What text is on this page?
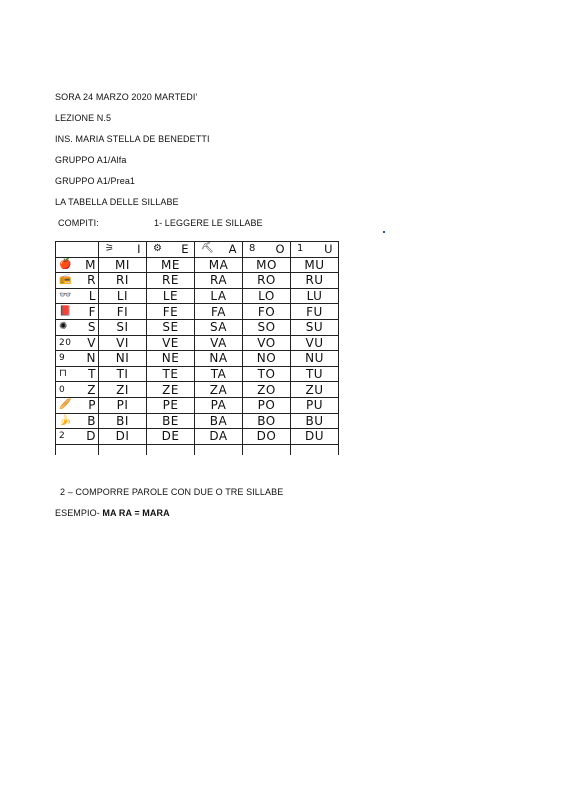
SORA 24 MARZO 2020 MARTEDI’
LEZIONE N.5
INS. MARIA STELLA DE BENEDETTI
GRUPPO A1/Alfa
GRUPPO A1/Prea1
LA TABELLA DELLE SILLABE
COMPITI:	1- LEGGERE LE SILLABE

	⚞ I	⚙ E	⛏ A	8 O	1 U

🍎 M	MI	ME	MA	MO	MU

📻 R	RI	RE	RA	RO	RU

👓 L	LI	LE	LA	LO	LU

📕 F	FI	FE	FA	FO	FU

✺ S	SI	SE	SA	SO	SU

20 V	VI	VE	VA	VO	VU

9 N	NI	NE	NA	NO	NU

⊓ T	TI	TE	TA	TO	TU

0 Z	ZI	ZE	ZA	ZO	ZU

🥖 P	PI	PE	PA	PO	PU

🍌 B	BI	BE	BA	BO	BU

2 D	DI	DE	DA	DO	DU

2 – COMPORRE PAROLE CON DUE O TRE SILLABE
ESEMPIO- MA RA = MARA
